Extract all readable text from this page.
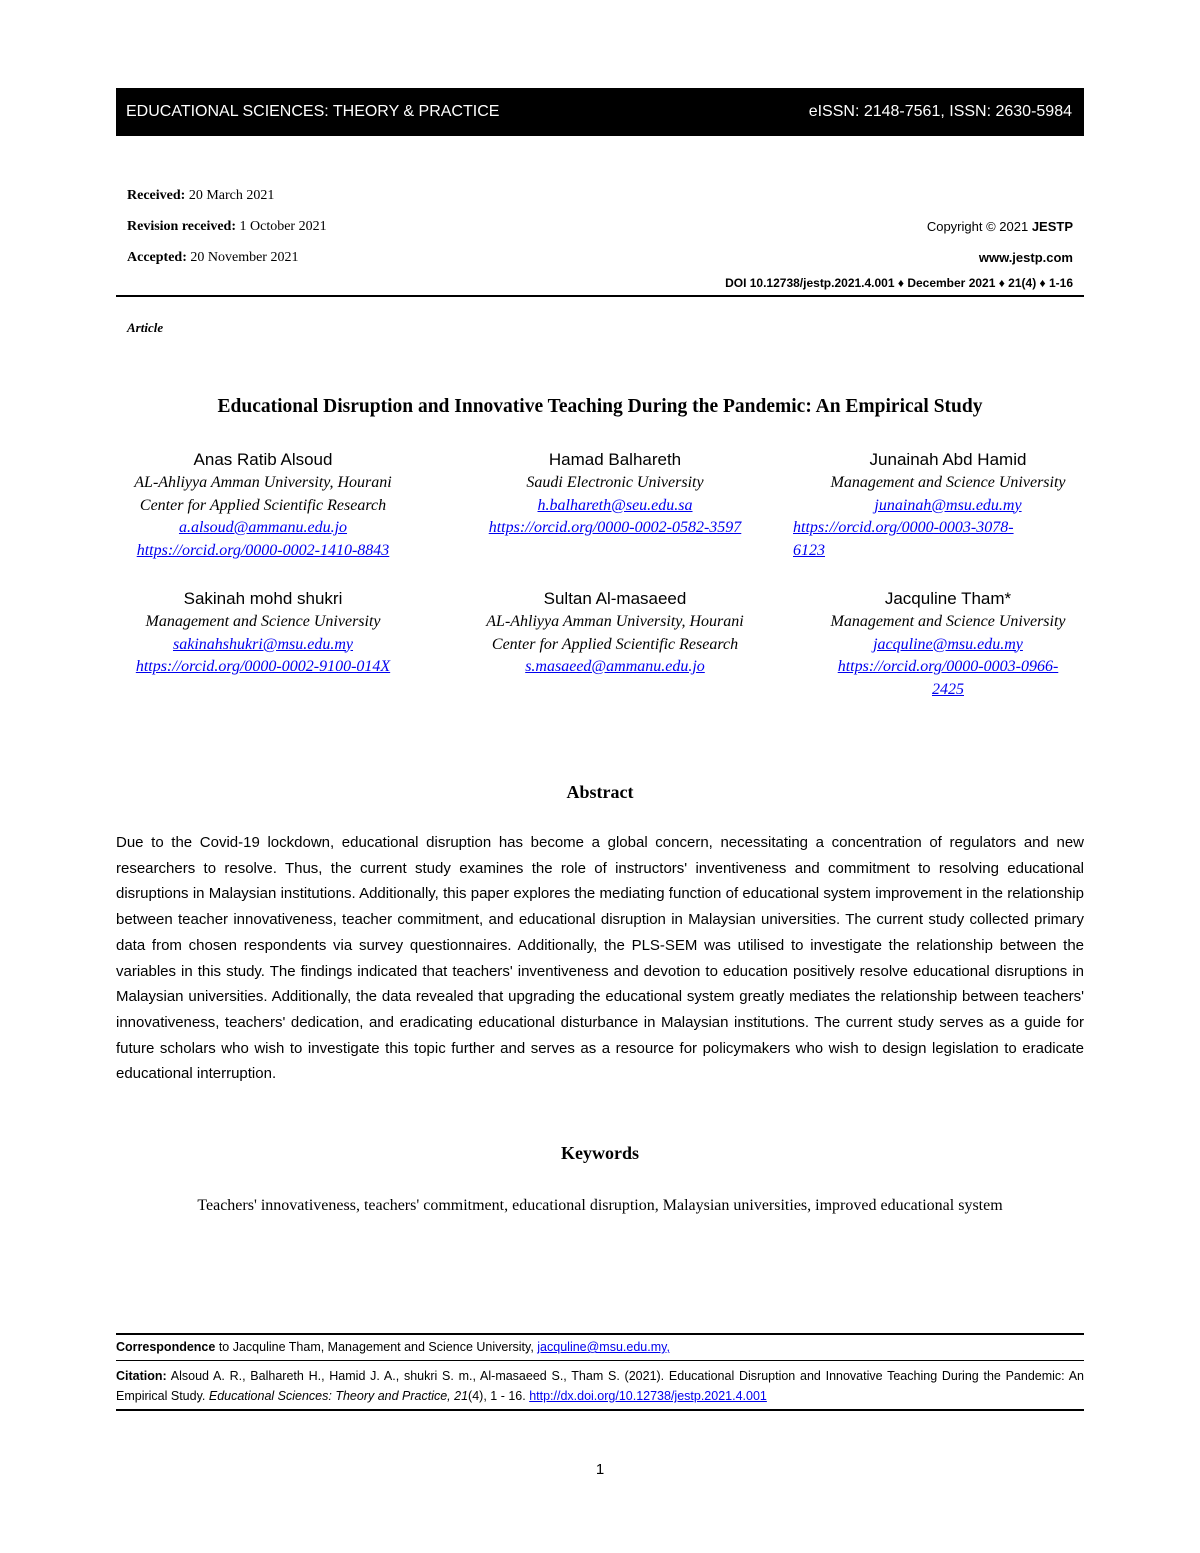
EDUCATIONAL SCIENCES: THEORY & PRACTICE	eISSN: 2148-7561, ISSN: 2630-5984
Received: 20 March 2021
Revision received: 1 October 2021
Accepted: 20 November 2021
Copyright © 2021 JESTP
www.jestp.com
DOI 10.12738/jestp.2021.4.001 ♦ December 2021 ♦ 21(4) ♦ 1-16
Article
Educational Disruption and Innovative Teaching During the Pandemic: An Empirical Study
Anas Ratib Alsoud
AL-Ahliyya Amman University, Hourani
Center for Applied Scientific Research
a.alsoud@ammanu.edu.jo
https://orcid.org/0000-0002-1410-8843
Hamad Balhareth
Saudi Electronic University
h.balhareth@seu.edu.sa
https://orcid.org/0000-0002-0582-3597
Junainah Abd Hamid
Management and Science University
junainah@msu.edu.my
https://orcid.org/0000-0003-3078-
6123
Sakinah mohd shukri
Management and Science University
sakinahshukri@msu.edu.my
https://orcid.org/0000-0002-9100-014X
Sultan Al-masaeed
AL-Ahliyya Amman University, Hourani
Center for Applied Scientific Research
s.masaeed@ammanu.edu.jo
Jacquline Tham*
Management and Science University
jacquline@msu.edu.my
https://orcid.org/0000-0003-0966-
2425
Abstract
Due to the Covid-19 lockdown, educational disruption has become a global concern, necessitating a concentration of regulators and new researchers to resolve. Thus, the current study examines the role of instructors' inventiveness and commitment to resolving educational disruptions in Malaysian institutions. Additionally, this paper explores the mediating function of educational system improvement in the relationship between teacher innovativeness, teacher commitment, and educational disruption in Malaysian universities. The current study collected primary data from chosen respondents via survey questionnaires. Additionally, the PLS-SEM was utilised to investigate the relationship between the variables in this study. The findings indicated that teachers' inventiveness and devotion to education positively resolve educational disruptions in Malaysian universities. Additionally, the data revealed that upgrading the educational system greatly mediates the relationship between teachers' innovativeness, teachers' dedication, and eradicating educational disturbance in Malaysian institutions. The current study serves as a guide for future scholars who wish to investigate this topic further and serves as a resource for policymakers who wish to design legislation to eradicate educational interruption.
Keywords
Teachers' innovativeness, teachers' commitment, educational disruption, Malaysian universities, improved educational system
Correspondence to Jacquline Tham, Management and Science University, jacquline@msu.edu.my,
Citation: Alsoud A. R., Balhareth H., Hamid J. A., shukri S. m., Al-masaeed S., Tham S. (2021). Educational Disruption and Innovative Teaching During the Pandemic: An Empirical Study. Educational Sciences: Theory and Practice, 21(4), 1 - 16. http://dx.doi.org/10.12738/jestp.2021.4.001
1
